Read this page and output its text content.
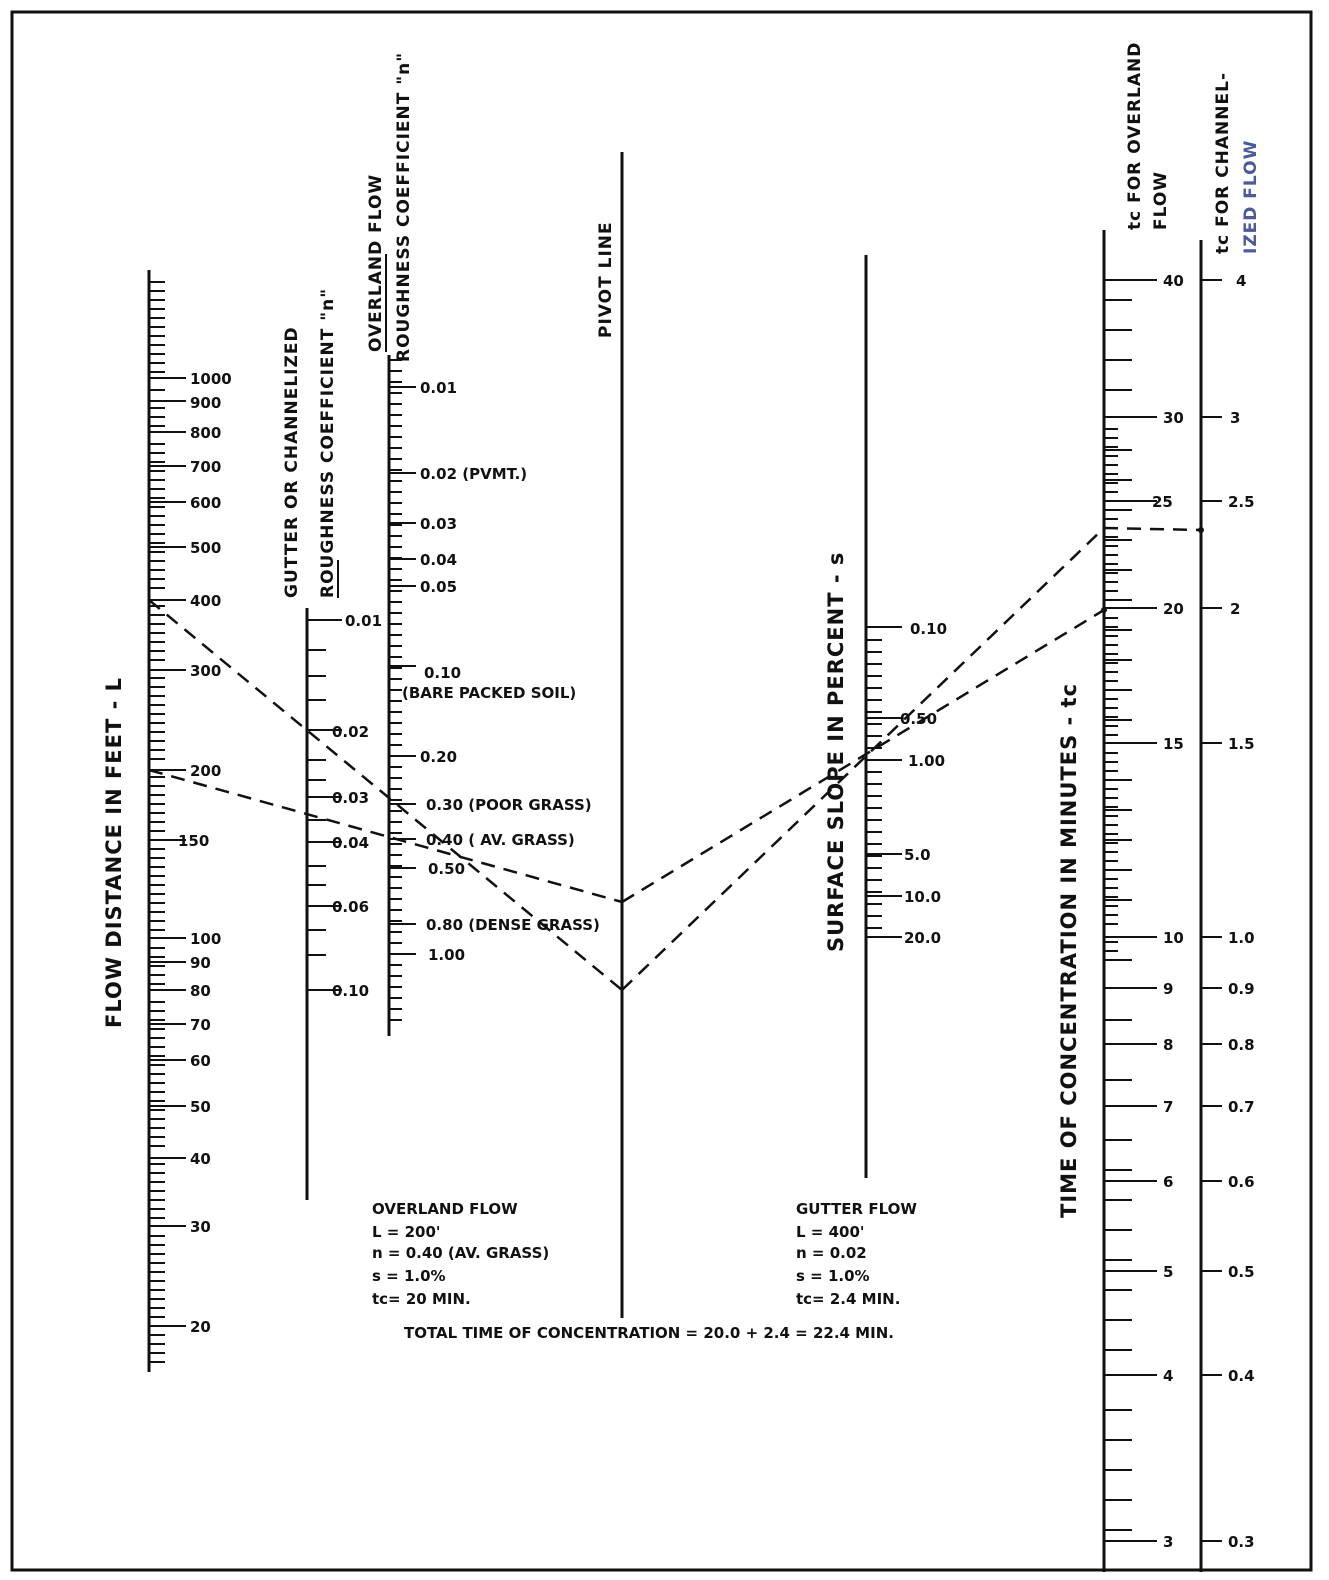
1000
900
800
700
600
500
400
300
200
150
100
90
80
70
60
50
40
30
20
FLOW DISTANCE IN FEET - L
0.01
0.02
0.03
0.04
0.06
0.10
GUTTER OR CHANNELIZED ROUGHNESS COEFFICIENT "n"	0.01
0.02 (PVMT.)
0.03
0.04
0.05
0.10
(BARE PACKED SOIL)
0.20
0.30 (POOR GRASS)
0.40 ( AV. GRASS)
0.50
0.80 (DENSE GRASS)
1.00
OVERLAND FLOW ROUGHNESS COEFFICIENT "n"	PIVOT LINE
0.10
0.50
1.00
5.0
10.0
20.0
SURFACE SLOPE IN PERCENT - s
40
30
25
20
15
10
9
8
7
6
5
4
3
4
3
2.5
2
1.5
1.0
0.9
0.8
0.7
0.6
0.5
0.4
0.3
TIME OF CONCENTRATION IN MINUTES - tc
tc FOR OVERLAND FLOW tc FOR CHANNEL- IZED FLOW
OVERLAND FLOW
L = 200'
n = 0.40 (AV. GRASS)
s = 1.0%
tc= 20 MIN.
GUTTER FLOW
L = 400'
n = 0.02
s = 1.0%
tc= 2.4 MIN.
TOTAL TIME OF CONCENTRATION = 20.0 + 2.4 = 22.4 MIN.
